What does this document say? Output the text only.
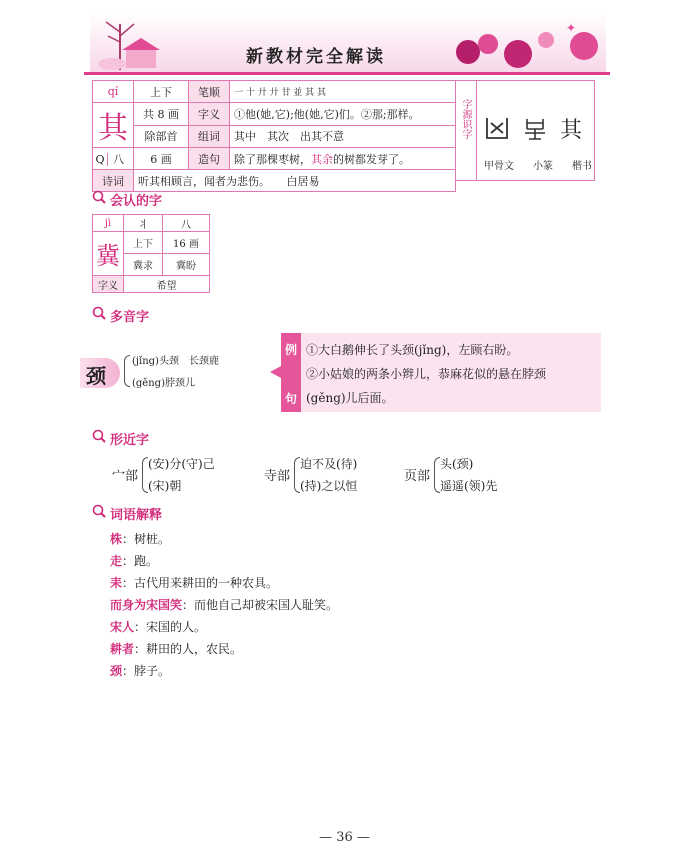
✦
新教材完全解读
qí	上下	笔顺	一 十 廾 廾 甘 並 其 其
其	共 8 画	字义	①他(她,它);他(她,它)们。②那;那样。
	除部首	组词	其中　其次　出其不意
Q 八	6 画	造句	除了那棵枣树，其余的树都发芽了。
诗词	听其相顾言，闻者为悲伤。　　白居易		
字源识字	其
甲骨文 小篆 楷书
会认的字
jì	丬	八
冀	上下	16 画
	冀求	冀盼
字义	希望	
多音字
颈
(jǐng)头颈　长颈鹿
(gěng)脖颈儿
例
句
①大白鹅伸长了头颈(jǐng)，左顾右盼。
②小姑娘的两条小辫儿，恭麻花似的悬在脖颈
(gěng)儿后面。
形近字
宀部
(安)分(守)己
(宋)朝
寺部
迫不及(待)
(持)之以恒
页部
头(颈)
遥遥(领)先
词语解释
株：树桩。
走：跑。
耒：古代用来耕田的一种农具。
而身为宋国笑：而他自己却被宋国人耻笑。
宋人：宋国的人。
耕者：耕田的人，农民。
颈：脖子。
— 36 —
